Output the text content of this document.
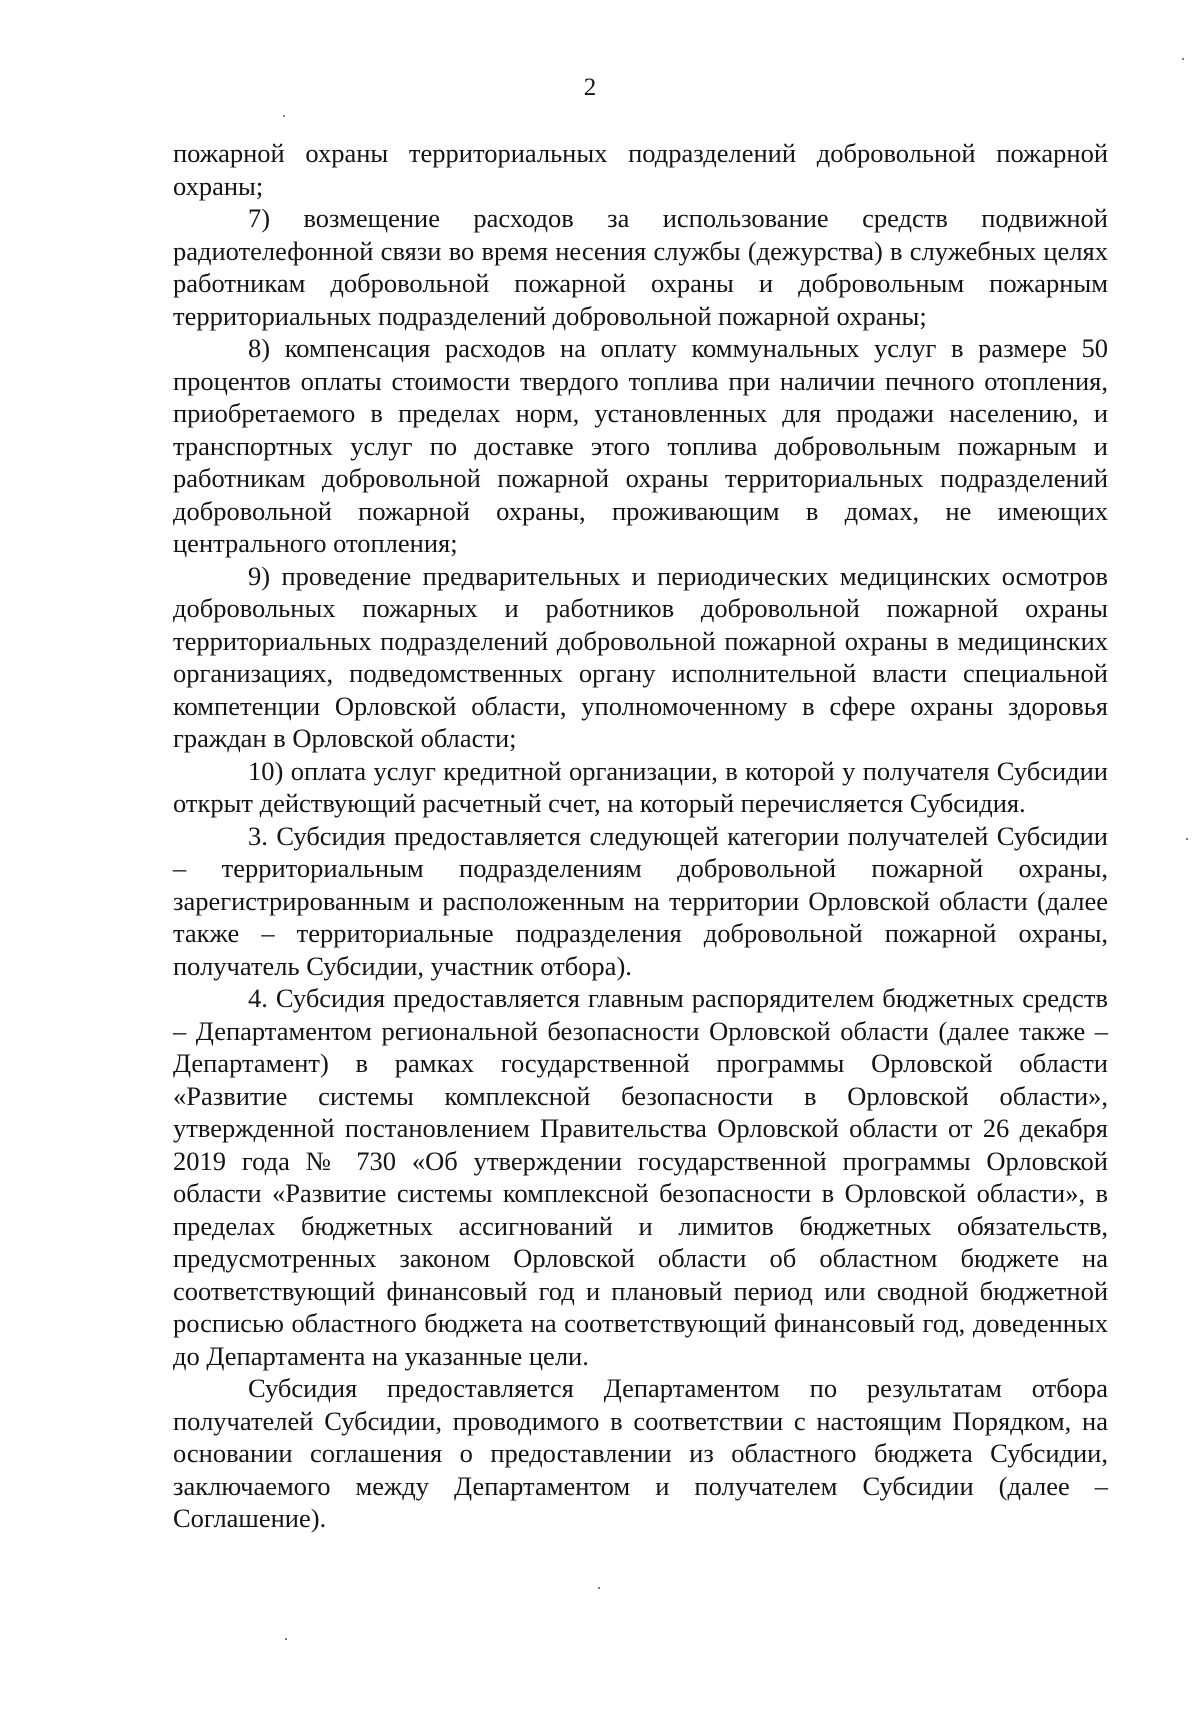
2

пожарной охраны территориальных подразделений добровольной пожарной охраны;

7) возмещение расходов за использование средств подвижной радиотелефонной связи во время несения службы (дежурства) в служебных целях работникам добровольной пожарной охраны и добровольным пожарным территориальных подразделений добровольной пожарной охраны;

8) компенсация расходов на оплату коммунальных услуг в размере 50 процентов оплаты стоимости твердого топлива при наличии печного отопления, приобретаемого в пределах норм, установленных для продажи населению, и транспортных услуг по доставке этого топлива добровольным пожарным и работникам добровольной пожарной охраны территориальных подразделений добровольной пожарной охраны, проживающим в домах, не имеющих центрального отопления;

9) проведение предварительных и периодических медицинских осмотров добровольных пожарных и работников добровольной пожарной охраны территориальных подразделений добровольной пожарной охраны в медицинских организациях, подведомственных органу исполнительной власти специальной компетенции Орловской области, уполномоченному в сфере охраны здоровья граждан в Орловской области;

10) оплата услуг кредитной организации, в которой у получателя Субсидии открыт действующий расчетный счет, на который перечисляется Субсидия.

3. Субсидия предоставляется следующей категории получателей Субсидии – территориальным подразделениям добровольной пожарной охраны, зарегистрированным и расположенным на территории Орловской области (далее также – территориальные подразделения добровольной пожарной охраны, получатель Субсидии, участник отбора).

4. Субсидия предоставляется главным распорядителем бюджетных средств – Департаментом региональной безопасности Орловской области (далее также – Департамент) в рамках государственной программы Орловской области «Развитие системы комплексной безопасности в Орловской области», утвержденной постановлением Правительства Орловской области от 26 декабря 2019 года № 730 «Об утверждении государственной программы Орловской области «Развитие системы комплексной безопасности в Орловской области», в пределах бюджетных ассигнований и лимитов бюджетных обязательств, предусмотренных законом Орловской области об областном бюджете на соответствующий финансовый год и плановый период или сводной бюджетной росписью областного бюджета на соответствующий финансовый год, доведенных до Департамента на указанные цели.

Субсидия предоставляется Департаментом по результатам отбора получателей Субсидии, проводимого в соответствии с настоящим Порядком, на основании соглашения о предоставлении из областного бюджета Субсидии, заключаемого между Департаментом и получателем Субсидии (далее – Соглашение).
